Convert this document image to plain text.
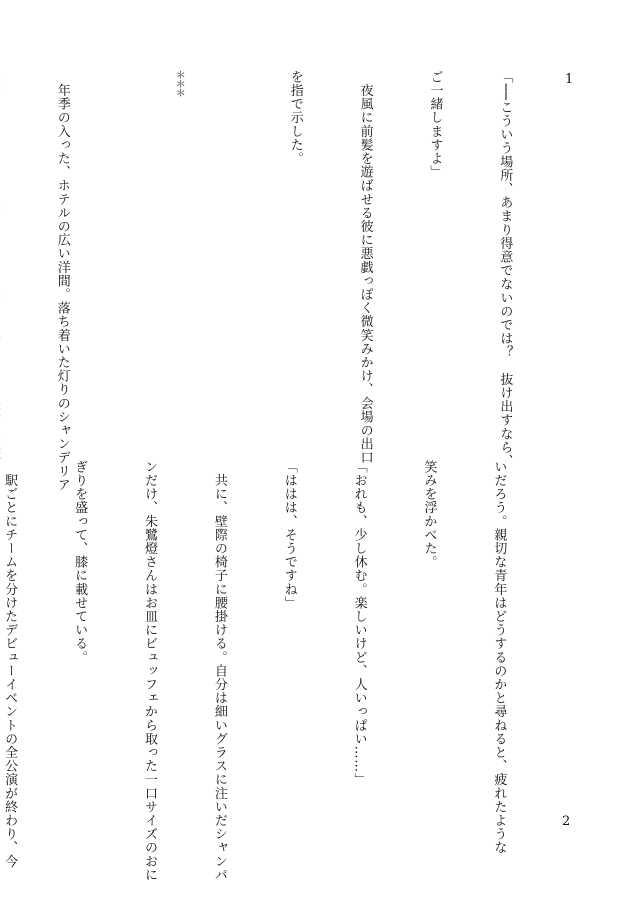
1

「──こういう場所、あまり得意でないのでは？　抜け出すなら、

ご一緒しますよ」

　夜風に前髪を遊ばせる彼に悪戯っぽく微笑みかけ、会場の出口

を指で示した。

＊＊＊

　年季の入った、ホテルの広い洋間。落ち着いた灯りのシャンデリア

いだろう。親切な青年はどうするのかと尋ねると、疲れたような

笑みを浮かべた。

「おれも、少し休む。楽しいけど、人いっぱい……」

「ははは、そうですね」

　共に、壁際の椅子に腰掛ける。自分は細いグラスに注いだシャンパ

ンだけ、朱鷺燈さんはお皿にビュッフェから取った一口サイズのおに

ぎりを盛って、膝に載せている。

　駅ごとにチームを分けたデビューイベントの全公演が終わり、今

	2
